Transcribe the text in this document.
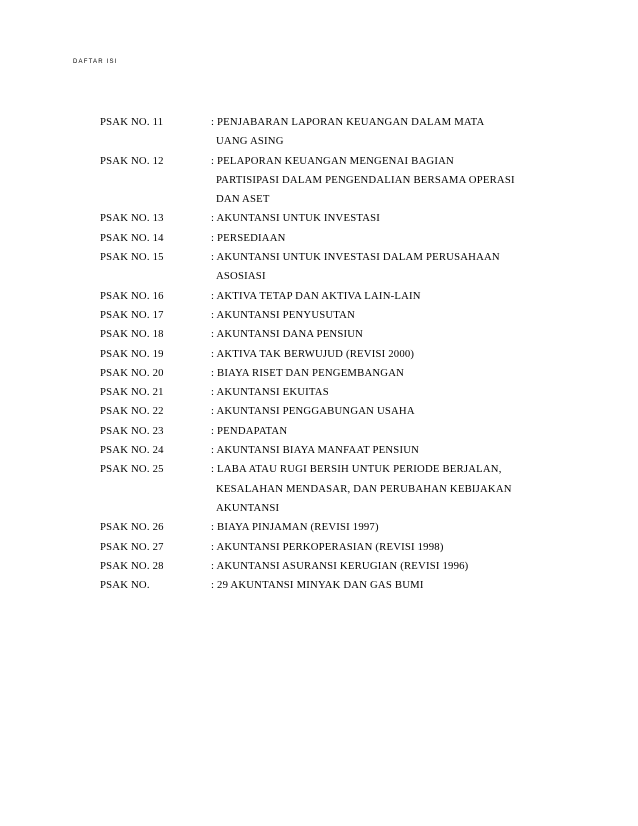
DAFTAR ISI
PSAK NO. 11	: PENJABARAN LAPORAN KEUANGAN DALAM MATA
UANG ASING
PSAK NO. 12	: PELAPORAN KEUANGAN MENGENAI BAGIAN
PARTISIPASI DALAM PENGENDALIAN BERSAMA OPERASI
DAN ASET
PSAK NO. 13	: AKUNTANSI UNTUK INVESTASI
PSAK NO. 14	: PERSEDIAAN
PSAK NO. 15	: AKUNTANSI UNTUK INVESTASI DALAM PERUSAHAAN
ASOSIASI
PSAK NO. 16	: AKTIVA TETAP DAN AKTIVA LAIN-LAIN
PSAK NO. 17	: AKUNTANSI PENYUSUTAN
PSAK NO. 18	: AKUNTANSI DANA PENSIUN
PSAK NO. 19	: AKTIVA TAK BERWUJUD (REVISI 2000)
PSAK NO. 20	: BIAYA RISET DAN PENGEMBANGAN
PSAK NO. 21	: AKUNTANSI EKUITAS
PSAK NO. 22	: AKUNTANSI PENGGABUNGAN USAHA
PSAK NO. 23	: PENDAPATAN
PSAK NO. 24	: AKUNTANSI BIAYA MANFAAT PENSIUN
PSAK NO. 25	: LABA ATAU RUGI BERSIH UNTUK PERIODE BERJALAN,
KESALAHAN MENDASAR, DAN PERUBAHAN KEBIJAKAN
AKUNTANSI
PSAK NO. 26	: BIAYA PINJAMAN (REVISI 1997)
PSAK NO. 27	: AKUNTANSI PERKOPERASIAN (REVISI 1998)
PSAK NO. 28	: AKUNTANSI ASURANSI KERUGIAN (REVISI 1996)
PSAK NO.	: 29 AKUNTANSI MINYAK DAN GAS BUMI
